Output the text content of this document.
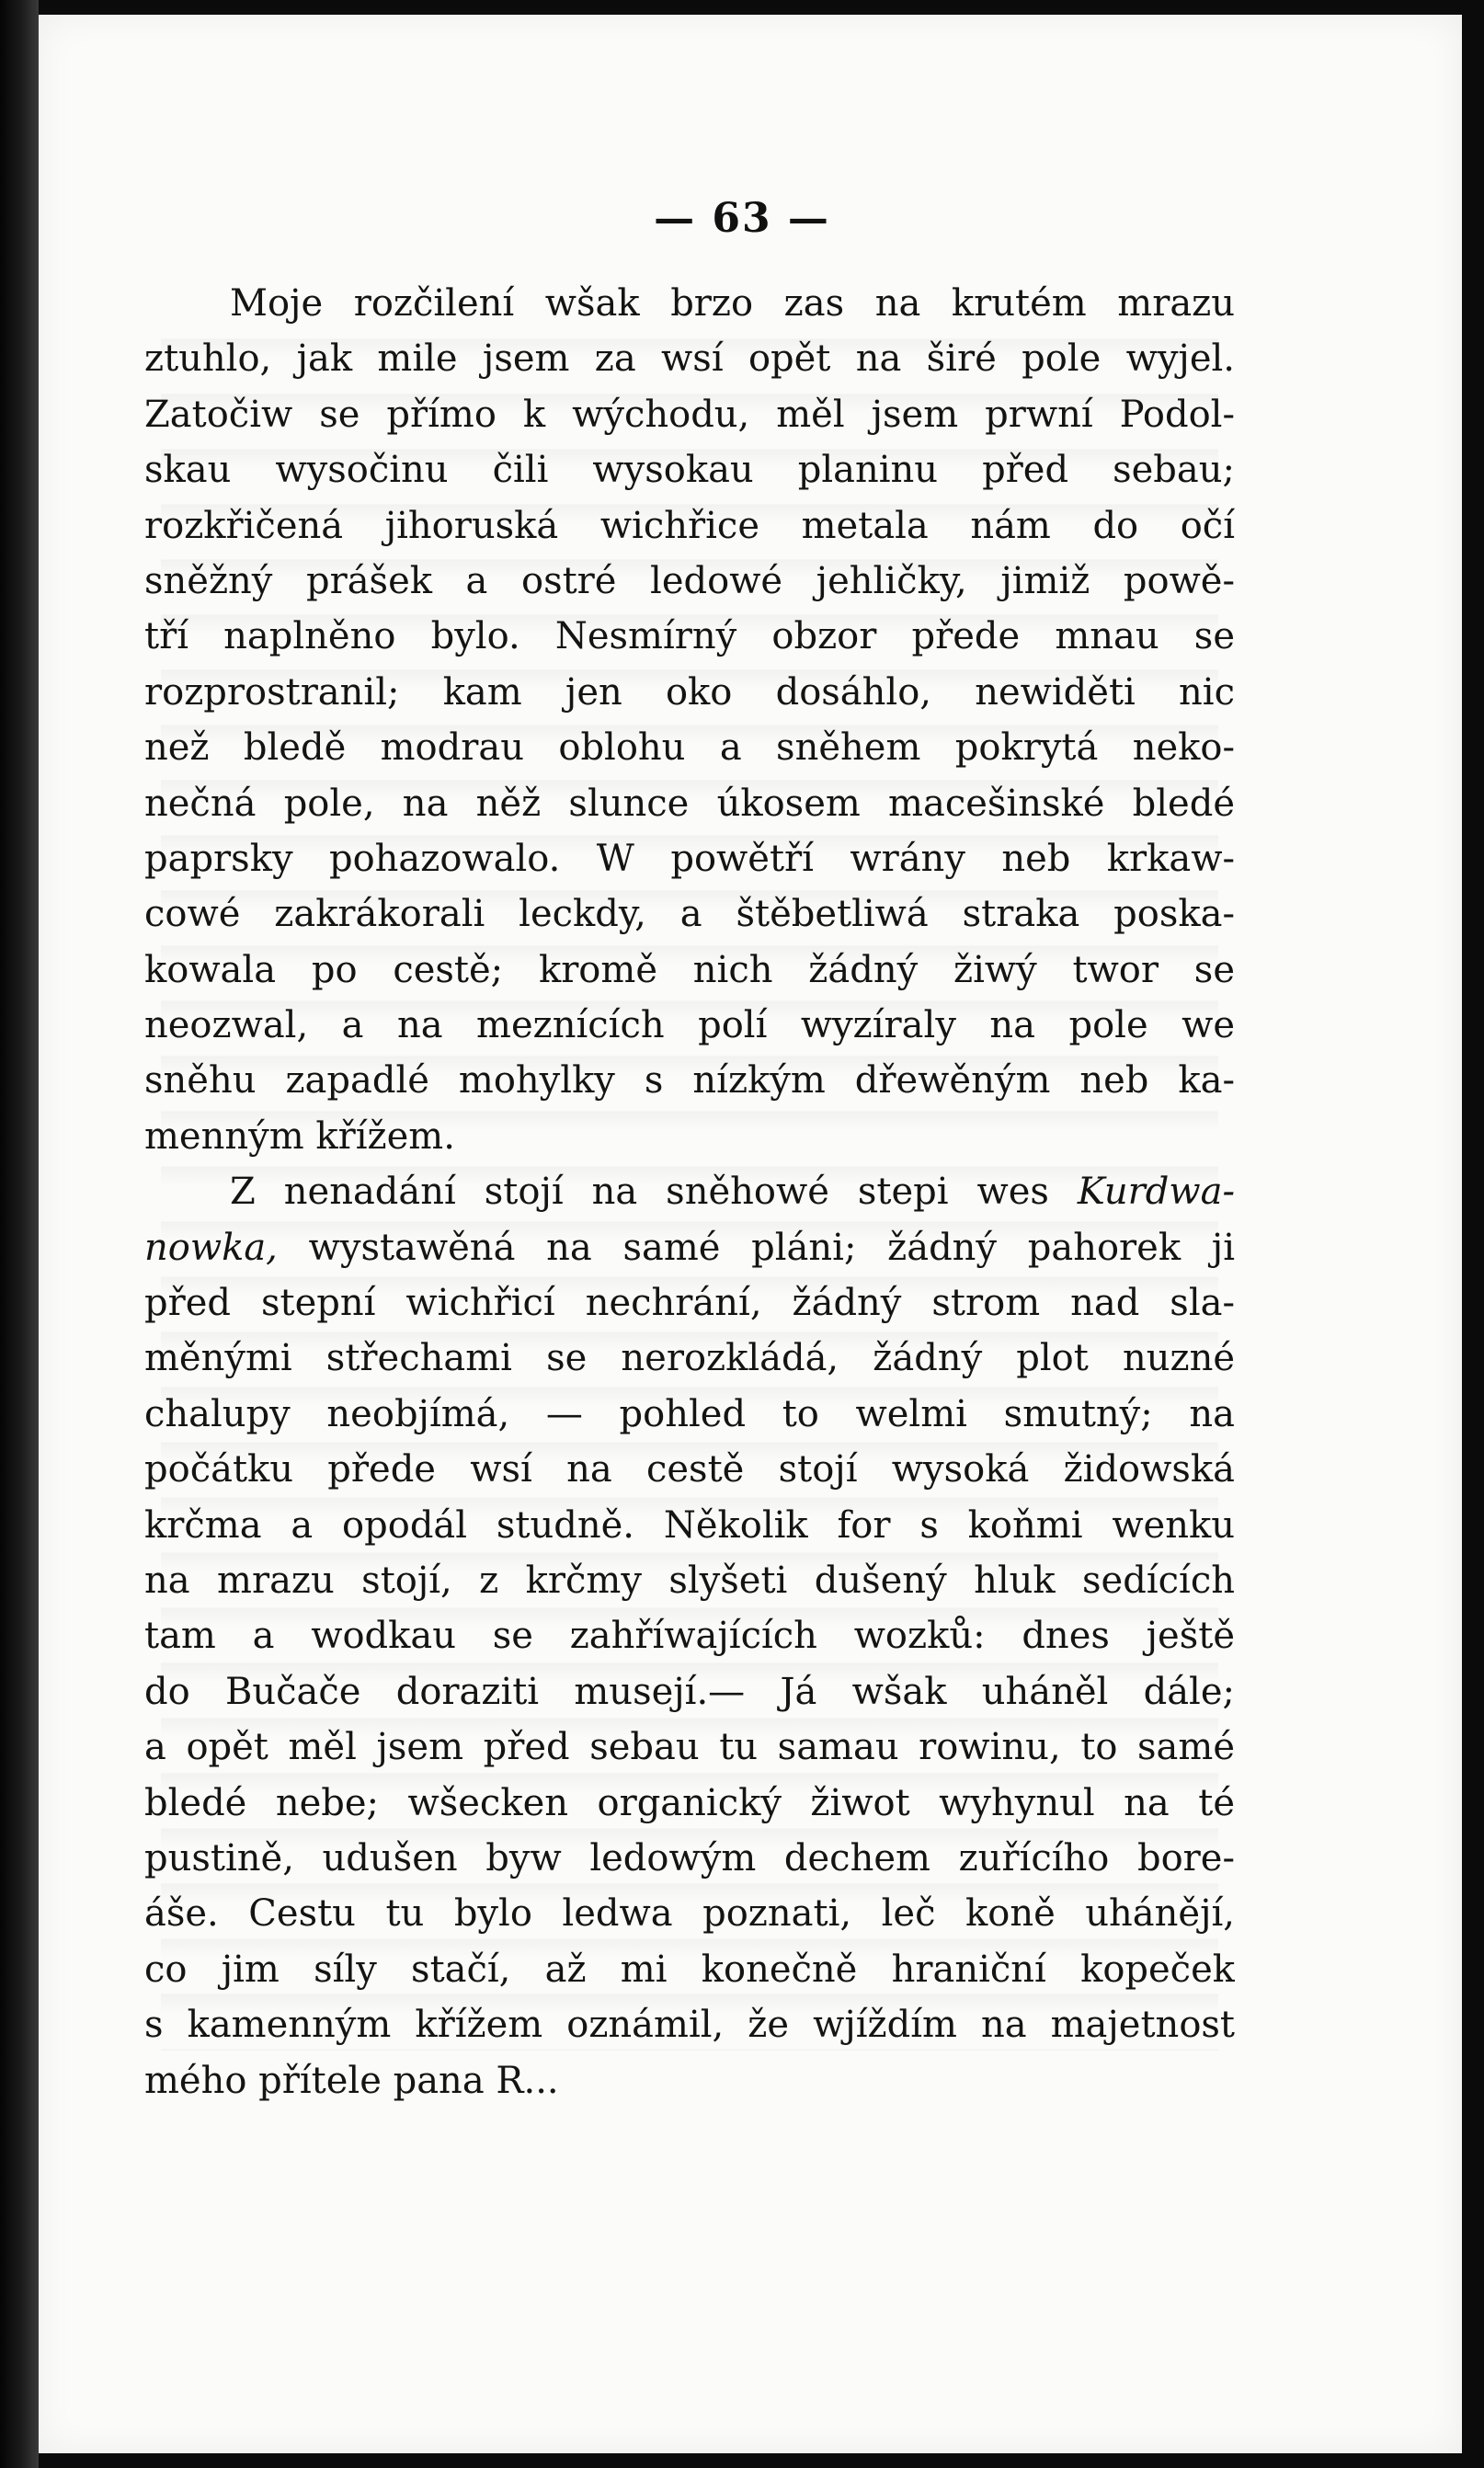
— 63 —
Moje rozčilení wšak brzo zas na krutém mrazu
ztuhlo, jak mile jsem za wsí opět na širé pole wyjel.
Zatočiw se přímo k wýchodu, měl jsem prwní Podol-
skau wysočinu čili wysokau planinu před sebau;
rozkřičená jihoruská wichřice metala nám do očí
sněžný prášek a ostré ledowé jehličky, jimiž powě-
tří naplněno bylo. Nesmírný obzor přede mnau se
rozprostranil; kam jen oko dosáhlo, newiděti nic
než bledě modrau oblohu a sněhem pokrytá neko-
nečná pole, na něž slunce úkosem macešinské bledé
paprsky pohazowalo. W powětří wrány neb krkaw-
cowé zakrákorali leckdy, a štěbetliwá straka poska-
kowala po cestě; kromě nich žádný žiwý twor se
neozwal, a na meznících polí wyzíraly na pole we
sněhu zapadlé mohylky s nízkým dřewěným neb ka-
menným křížem.
Z nenadání stojí na sněhowé stepi wes Kurdwa-
nowka, wystawěná na samé pláni; žádný pahorek ji
před stepní wichřicí nechrání, žádný strom nad sla-
měnými střechami se nerozkládá, žádný plot nuzné
chalupy neobjímá, — pohled to welmi smutný; na
počátku přede wsí na cestě stojí wysoká židowská
krčma a opodál studně. Několik for s koňmi wenku
na mrazu stojí, z krčmy slyšeti dušený hluk sedících
tam a wodkau se zahříwajících wozků: dnes ještě
do Bučače doraziti musejí.— Já wšak uháněl dále;
a opět měl jsem před sebau tu samau rowinu, to samé
bledé nebe; wšecken organický žiwot wyhynul na té
pustině, udušen byw ledowým dechem zuřícího bore-
áše. Cestu tu bylo ledwa poznati, leč koně uhánějí,
co jim síly stačí, až mi konečně hraniční kopeček
s kamenným křížem oznámil, že wjíždím na majetnost
mého přítele pana R...
